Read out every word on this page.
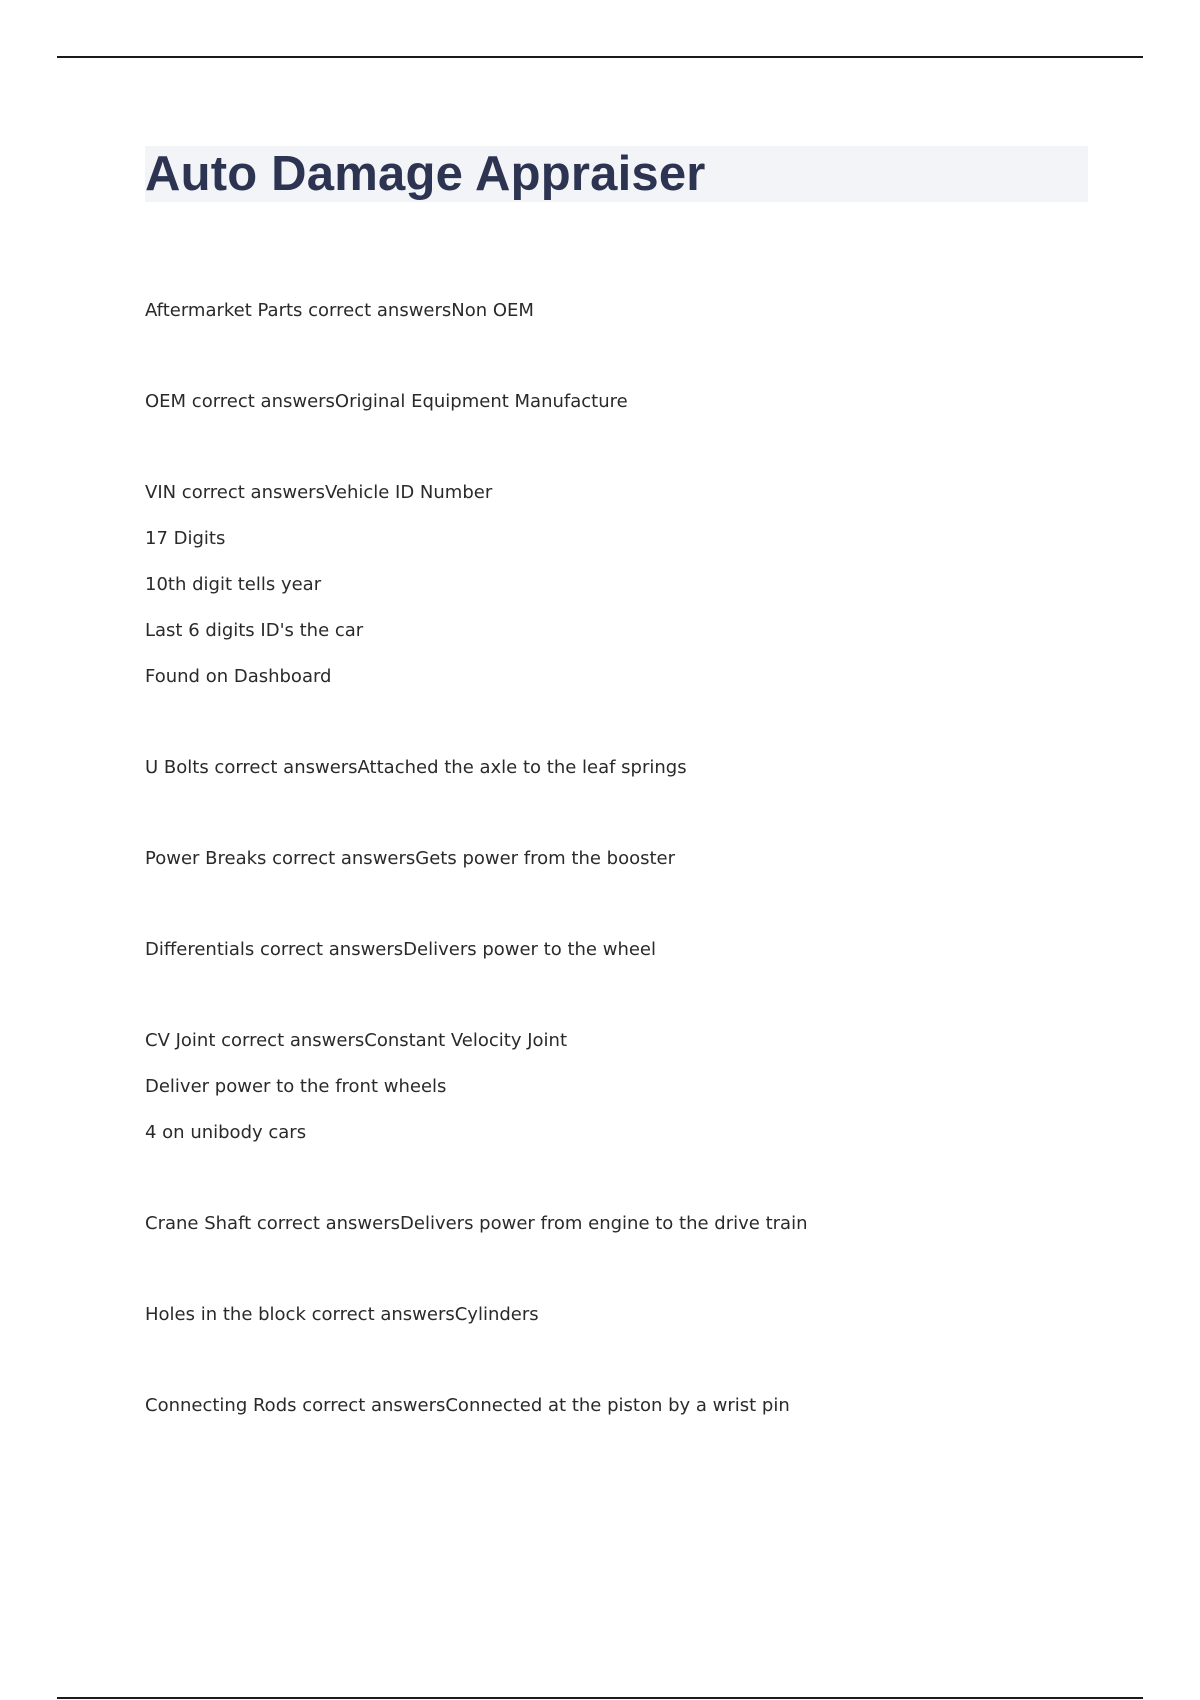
Auto Damage Appraiser
Aftermarket Parts correct answersNon OEM
OEM correct answersOriginal Equipment Manufacture
VIN correct answersVehicle ID Number
17 Digits
10th digit tells year
Last 6 digits ID's the car
Found on Dashboard
U Bolts correct answersAttached the axle to the leaf springs
Power Breaks correct answersGets power from the booster
Differentials correct answersDelivers power to the wheel
CV Joint correct answersConstant Velocity Joint
Deliver power to the front wheels
4 on unibody cars
Crane Shaft correct answersDelivers power from engine to the drive train
Holes in the block correct answersCylinders
Connecting Rods correct answersConnected at the piston by a wrist pin
